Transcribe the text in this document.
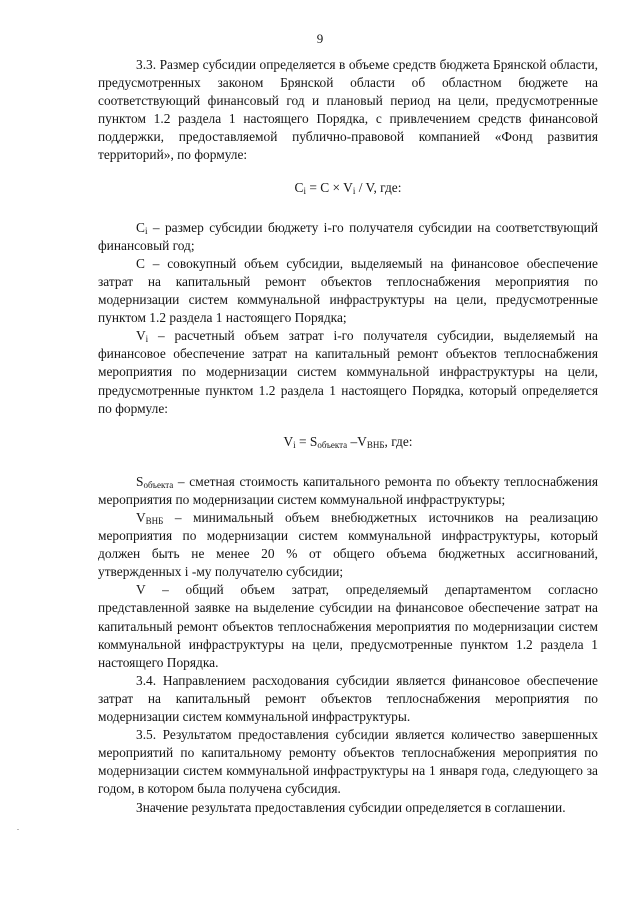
9

3.3. Размер субсидии определяется в объеме средств бюджета Брянской области, предусмотренных законом Брянской области об областном бюджете на соответствующий финансовый год и плановый период на цели, предусмотренные пунктом 1.2 раздела 1 настоящего Порядка, с привлечением средств финансовой поддержки, предоставляемой публично-правовой компанией «Фонд развития территорий», по формуле:

$C_i = C \times V_i / V$, где:

$C_i$ – размер субсидии бюджету i-го получателя субсидии на соответствующий финансовый год;

С – совокупный объем субсидии, выделяемый на финансовое обеспечение затрат на капитальный ремонт объектов теплоснабжения мероприятия по модернизации систем коммунальной инфраструктуры на цели, предусмотренные пунктом 1.2 раздела 1 настоящего Порядка;

$V_i$ – расчетный объем затрат i-го получателя субсидии, выделяемый на финансовое обеспечение затрат на капитальный ремонт объектов теплоснабжения мероприятия по модернизации систем коммунальной инфраструктуры на цели, предусмотренные пунктом 1.2 раздела 1 настоящего Порядка, который определяется по формуле:

$V_i = S_{объекта}$ $-V_{ВНБ}$, где:

$S_{объекта}$ – сметная стоимость капитального ремонта по объекту теплоснабжения мероприятия по модернизации систем коммунальной инфраструктуры;

$V_{ВНБ}$ – минимальный объем внебюджетных источников на реализацию мероприятия по модернизации систем коммунальной инфраструктуры, который должен быть не менее 20 % от общего объема бюджетных ассигнований, утвержденных i -му получателю субсидии;

V – общий объем затрат, определяемый департаментом согласно представленной заявке на выделение субсидии на финансовое обеспечение затрат на капитальный ремонт объектов теплоснабжения мероприятия по модернизации систем коммунальной инфраструктуры на цели, предусмотренные пунктом 1.2 раздела 1 настоящего Порядка.

3.4. Направлением расходования субсидии является финансовое обеспечение затрат на капитальный ремонт объектов теплоснабжения мероприятия по модернизации систем коммунальной инфраструктуры.

3.5. Результатом предоставления субсидии является количество завершенных мероприятий по капитальному ремонту объектов теплоснабжения мероприятия по модернизации систем коммунальной инфраструктуры на 1 января года, следующего за годом, в котором была получена субсидия.

Значение результата предоставления субсидии определяется в соглашении.
